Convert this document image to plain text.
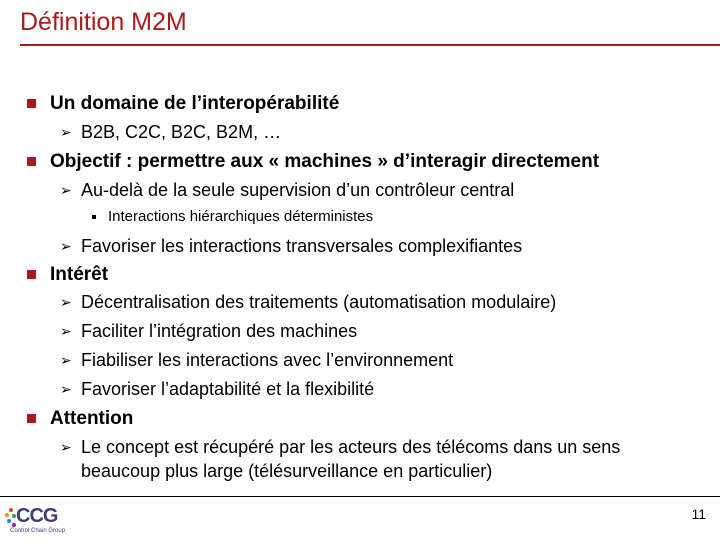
Définition M2M
Un domaine de l’interopérabilité
➢ B2B, C2C, B2C, B2M, …
Objectif : permettre aux « machines » d’interagir directement
➢ Au-delà de la seule supervision d’un contrôleur central
Interactions hiérarchiques déterministes
➢ Favoriser les interactions transversales complexifiantes
Intérêt
➢ Décentralisation des traitements (automatisation modulaire)
➢ Faciliter l’intégration des machines
➢ Fiabiliser les interactions avec l’environnement
➢ Favoriser l’adaptabilité et la flexibilité
Attention
➢ Le concept est récupéré par les acteurs des télécoms dans un sens beaucoup plus large (télésurveillance en particulier)
CCG
Control Chain Group
11
